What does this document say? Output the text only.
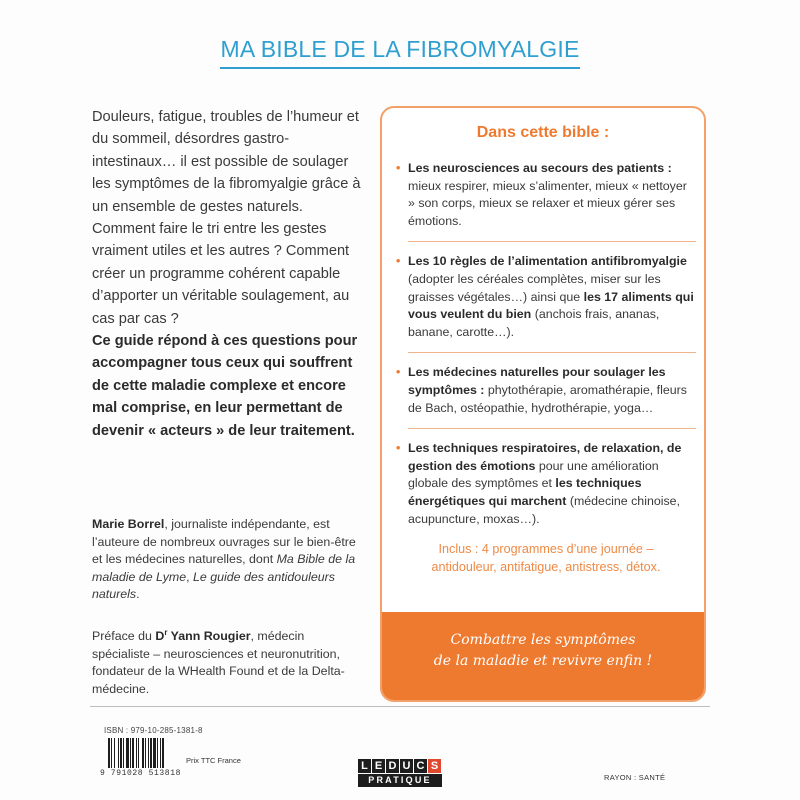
MA BIBLE DE LA FIBROMYALGIE

Douleurs, fatigue, troubles de l’humeur et du sommeil, désordres gastro-intestinaux… il est possible de soulager les symptômes de la fibromyalgie grâce à un ensemble de gestes naturels. Comment faire le tri entre les gestes vraiment utiles et les autres ? Comment créer un programme cohérent capable d’apporter un véritable soulagement, au cas par cas ?

Ce guide répond à ces questions pour accompagner tous ceux qui souffrent de cette maladie complexe et encore mal comprise, en leur permettant de devenir « acteurs » de leur traitement.

Marie Borrel, journaliste indépendante, est l’auteure de nombreux ouvrages sur le bien-être et les médecines naturelles, dont Ma Bible de la maladie de Lyme, Le guide des antidouleurs naturels.

Préface du $D^r$ Yann Rougier, médecin spécialiste – neurosciences et neuronutrition, fondateur de la WHealth Found et de la Delta-médecine.

Dans cette bible :
• Les neurosciences au secours des patients : mieux respirer, mieux s’alimenter, mieux « nettoyer » son corps, mieux se relaxer et mieux gérer ses émotions.
• Les 10 règles de l’alimentation antifibromyalgie (adopter les céréales complètes, miser sur les graisses végétales…) ainsi que les 17 aliments qui vous veulent du bien (anchois frais, ananas, banane, carotte…).
• Les médecines naturelles pour soulager les symptômes : phytothérapie, aromathérapie, fleurs de Bach, ostéopathie, hydrothérapie, yoga…
• Les techniques respiratoires, de relaxation, de gestion des émotions pour une amélioration globale des symptômes et les techniques énergétiques qui marchent (médecine chinoise, acupuncture, moxas…).
Inclus : 4 programmes d’une journée –
antidouleur, antifatigue, antistress, détox.
Combattre les symptômes
de la maladie et revivre enfin !
ISBN : 979-10-285-1381-8
9 791028 513818
Prix TTC France	L E D U C S
PRATIQUE	RAYON : SANTÉ
